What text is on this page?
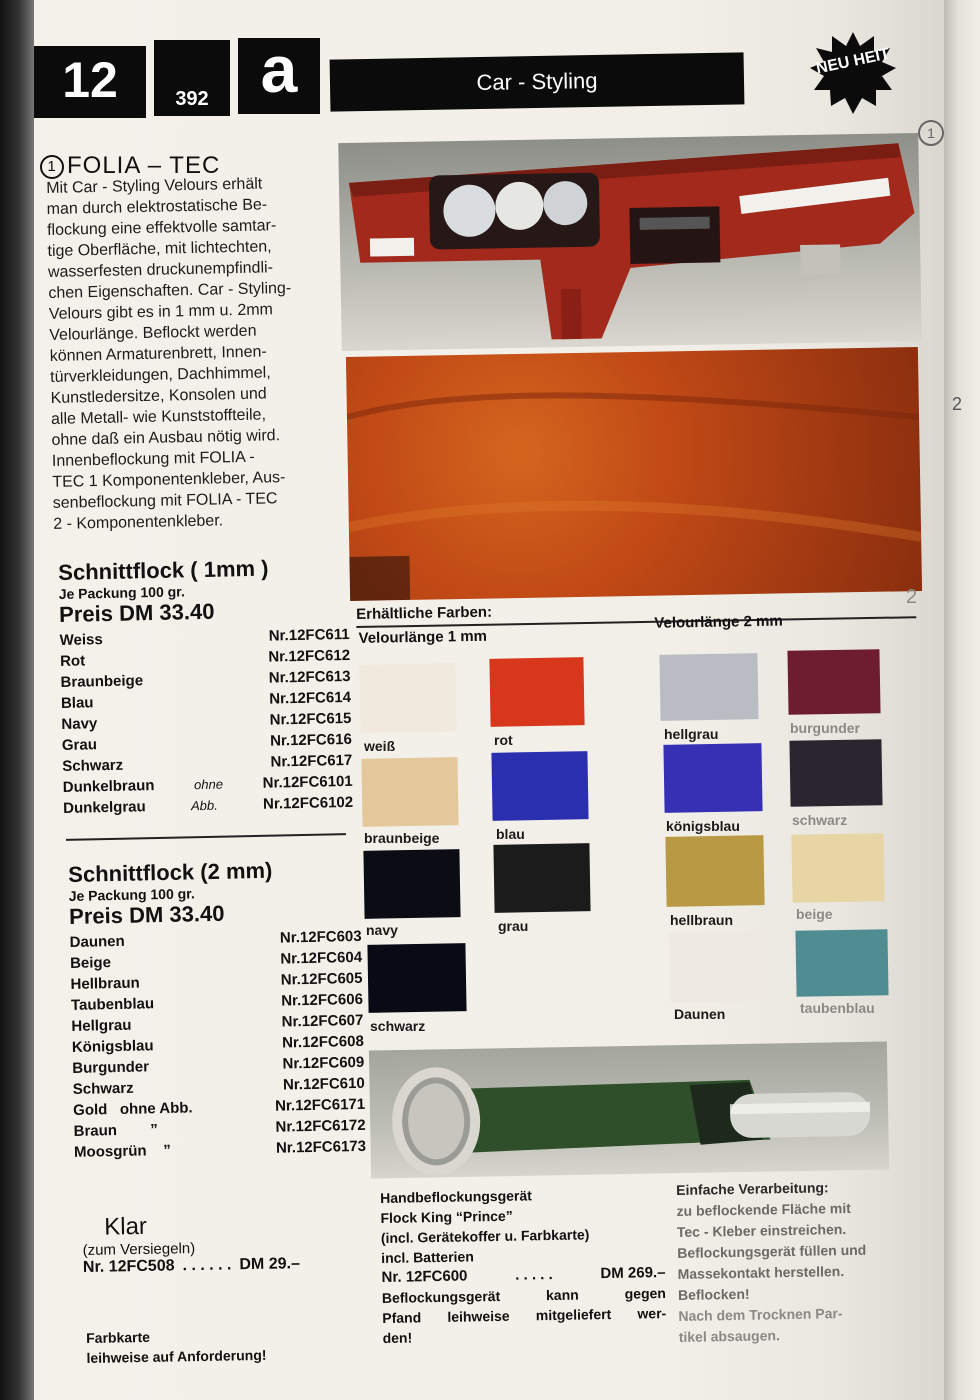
12	392 a	Car - Styling
NEU HEIT
1 FOLIA – TEC
Mit Car - Styling Velours erhält
man durch elektrostatische Be-
flockung eine effektvolle samtar-
tige Oberfläche, mit lichtechten,
wasserfesten druckunempfindli-
chen Eigenschaften. Car - Styling-
Velours gibt es in 1 mm u. 2mm
Velourlänge. Beflockt werden
können Armaturenbrett, Innen-
türverkleidungen, Dachhimmel,
Kunstledersitze, Konsolen und
alle Metall- wie Kunststoffteile,
ohne daß ein Ausbau nötig wird.
Innenbeflockung mit FOLIA -
TEC 1 Komponentenkleber, Aus-
senbeflockung mit FOLIA - TEC
2 - Komponentenkleber.
Schnittflock ( 1mm )
Je Packung 100 gr.
Preis DM 33.40
Weiss	Nr.12FC611
Rot	Nr.12FC612
Braunbeige	Nr.12FC613
Blau	Nr.12FC614
Navy	Nr.12FC615
Grau	Nr.12FC616
Schwarz	Nr.12FC617
Dunkelbraun	ohne	Nr.12FC6101
Dunkelgrau	Abb.	Nr.12FC6102
Schnittflock (2 mm)
Je Packung 100 gr.
Preis DM 33.40
Daunen	Nr.12FC603
Beige	Nr.12FC604
Hellbraun	Nr.12FC605
Taubenblau	Nr.12FC606
Hellgrau	Nr.12FC607
Königsblau	Nr.12FC608
Burgunder	Nr.12FC609
Schwarz	Nr.12FC610
Gold   ohne Abb.	Nr.12FC6171
Braun        ”	Nr.12FC6172
Moosgrün    ”	Nr.12FC6173
Klar
(zum Versiegeln)
Nr. 12FC508 . . . . . . DM 29.–
Farbkarte
leihweise auf Anforderung!
2
Erhältliche Farben:
Velourlänge 1 mm
Velourlänge 2 mm
weiß	rot
braunbeige	blau
navy	grau
schwarz
hellgrau	burgunder
königsblau	schwarz
hellbraun	beige
Daunen	taubenblau
Handbeflockungsgerät
Flock King “Prince”
(incl. Gerätekoffer u. Farbkarte)
incl. Batterien
Nr. 12FC600	. . . . .	DM 269.–
Beflockungsgerät kann gegen
Pfand leihweise mitgeliefert wer-
den!
Einfache Verarbeitung:
zu beflockende Fläche mit
Tec - Kleber einstreichen.
Beflockungsgerät füllen und
Massekontakt herstellen.
Beflocken!
Nach dem Trocknen Par-
tikel absaugen.
1
2
